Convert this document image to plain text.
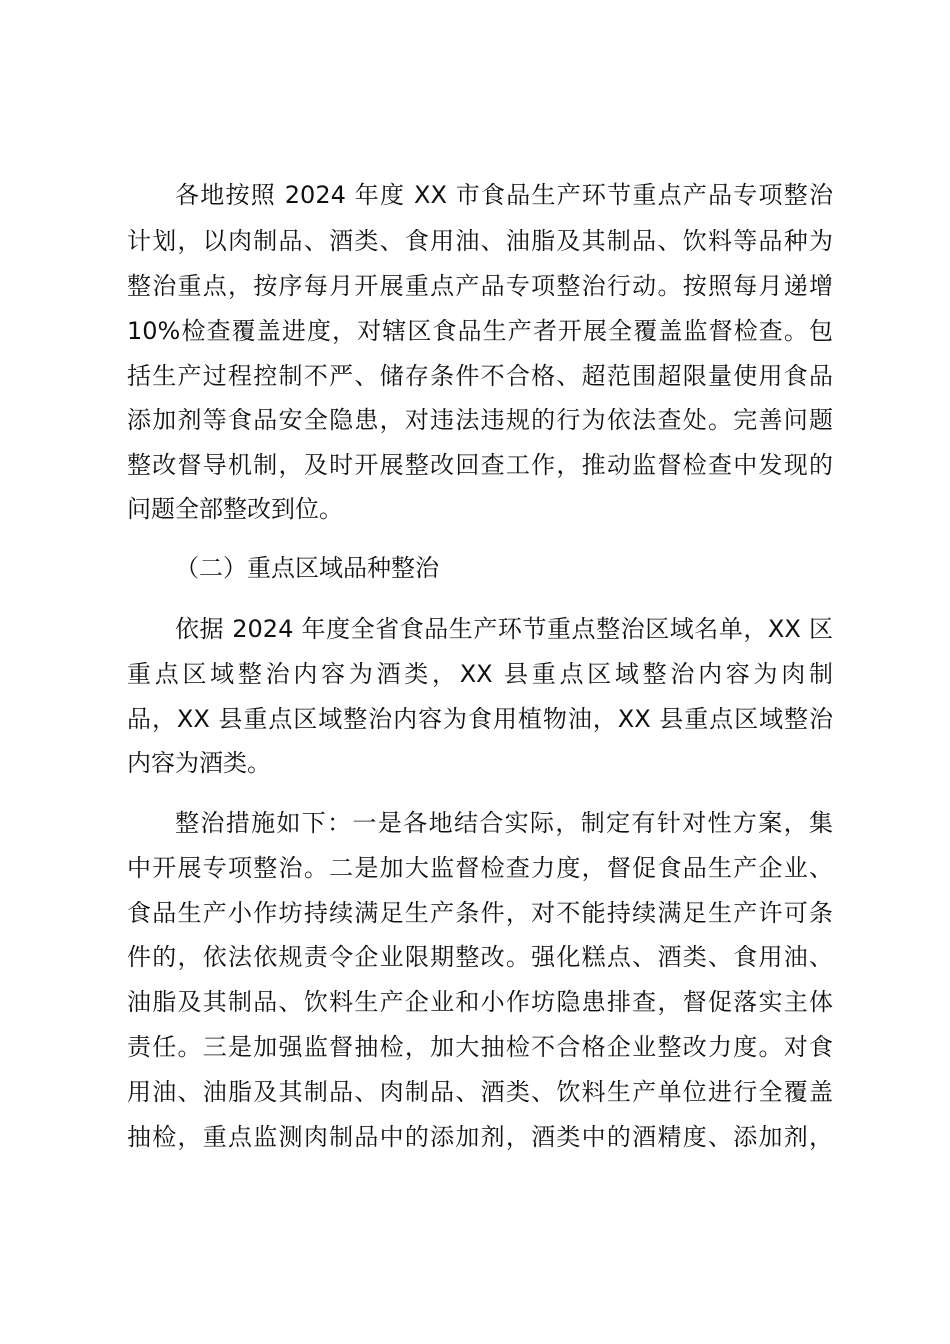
各地按照 2024 年度 XX 市食品生产环节重点产品专项整治
计划，以肉制品、酒类、食用油、油脂及其制品、饮料等品种为
整治重点，按序每月开展重点产品专项整治行动。按照每月递增
10%检查覆盖进度，对辖区食品生产者开展全覆盖监督检查。包
括生产过程控制不严、储存条件不合格、超范围超限量使用食品
添加剂等食品安全隐患，对违法违规的行为依法查处。完善问题
整改督导机制，及时开展整改回查工作，推动监督检查中发现的
问题全部整改到位。
（二）重点区域品种整治
依据 2024 年度全省食品生产环节重点整治区域名单，XX 区
重点区域整治内容为酒类，XX 县重点区域整治内容为肉制
品，XX 县重点区域整治内容为食用植物油，XX 县重点区域整治
内容为酒类。
整治措施如下：一是各地结合实际，制定有针对性方案，集
中开展专项整治。二是加大监督检查力度，督促食品生产企业、
食品生产小作坊持续满足生产条件，对不能持续满足生产许可条
件的，依法依规责令企业限期整改。强化糕点、酒类、食用油、
油脂及其制品、饮料生产企业和小作坊隐患排查，督促落实主体
责任。三是加强监督抽检，加大抽检不合格企业整改力度。对食
用油、油脂及其制品、肉制品、酒类、饮料生产单位进行全覆盖
抽检，重点监测肉制品中的添加剂，酒类中的酒精度、添加剂，
